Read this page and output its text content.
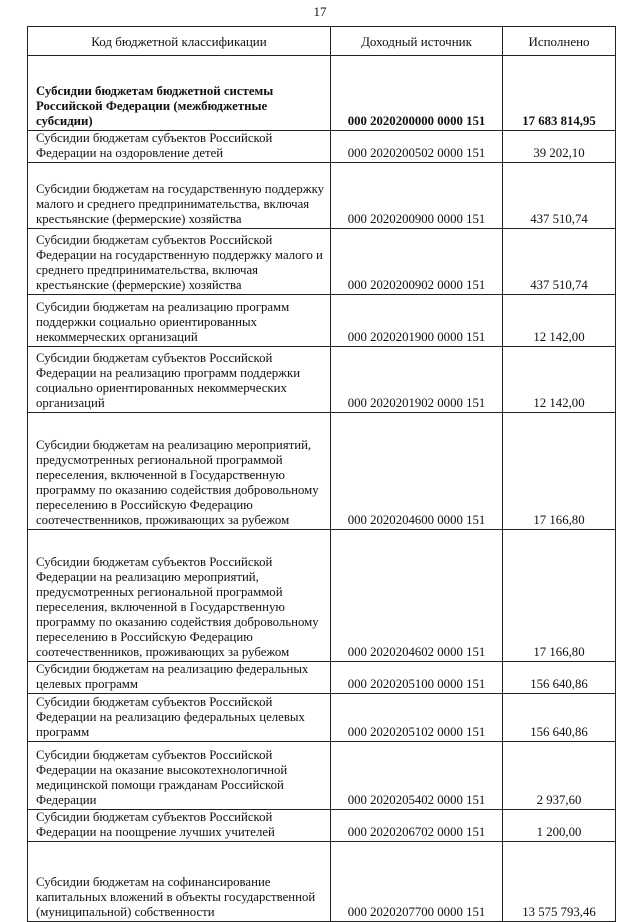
17
Код бюджетной классификации	Доходный источник	Исполнено
Субсидии бюджетам бюджетной системы Российской Федерации (межбюджетные субсидии)	000 2020200000 0000 151	17 683 814,95
Субсидии бюджетам субъектов Российской Федерации на оздоровление детей	000 2020200502 0000 151	39 202,10
Субсидии бюджетам на государственную поддержку малого и среднего предпринимательства, включая крестьянские (фермерские) хозяйства	000 2020200900 0000 151	437 510,74
Субсидии бюджетам субъектов Российской Федерации на государственную поддержку малого и среднего предпринимательства, включая крестьянские (фермерские) хозяйства	000 2020200902 0000 151	437 510,74
Субсидии бюджетам на реализацию программ поддержки социально ориентированных некоммерческих организаций	000 2020201900 0000 151	12 142,00
Субсидии бюджетам субъектов Российской Федерации на реализацию программ поддержки социально ориентированных некоммерческих организаций	000 2020201902 0000 151	12 142,00
Субсидии бюджетам на реализацию мероприятий, предусмотренных региональной программой переселения, включенной в Государственную программу по оказанию содействия добровольному переселению в Российскую Федерацию соотечественников, проживающих за рубежом	000 2020204600 0000 151	17 166,80
Субсидии бюджетам субъектов Российской Федерации на реализацию мероприятий, предусмотренных региональной программой переселения, включенной в Государственную программу по оказанию содействия добровольному переселению в Российскую Федерацию соотечественников, проживающих за рубежом	000 2020204602 0000 151	17 166,80
Субсидии бюджетам на реализацию федеральных целевых программ	000 2020205100 0000 151	156 640,86
Субсидии бюджетам субъектов Российской Федерации на реализацию федеральных целевых программ	000 2020205102 0000 151	156 640,86
Субсидии бюджетам субъектов Российской Федерации на оказание высокотехнологичной медицинской помощи гражданам Российской Федерации	000 2020205402 0000 151	2 937,60
Субсидии бюджетам субъектов Российской Федерации на поощрение лучших учителей	000 2020206702 0000 151	1 200,00
Субсидии бюджетам на софинансирование капитальных вложений в объекты государственной (муниципальной) собственности	000 2020207700 0000 151	13 575 793,46
